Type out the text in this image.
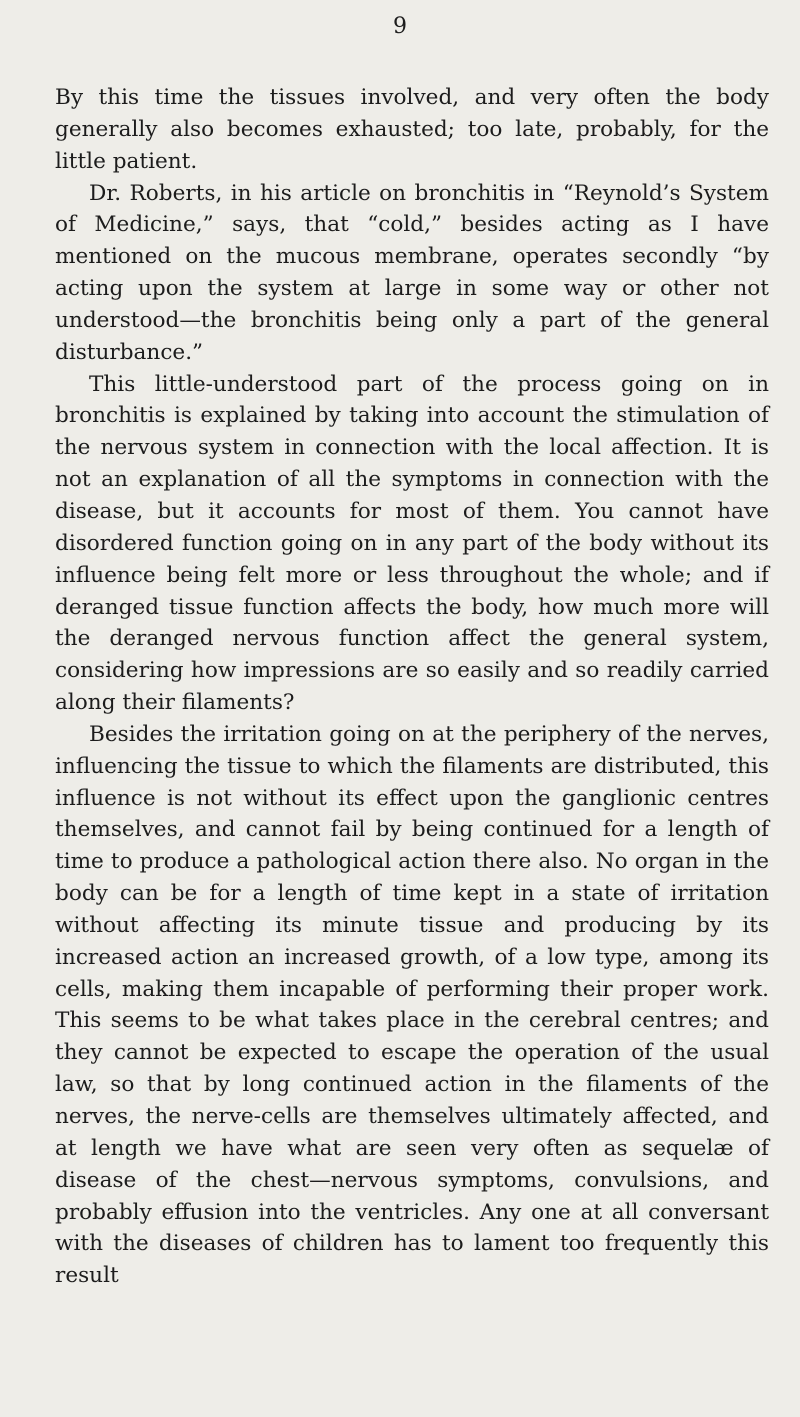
9

By this time the tissues involved, and very often the body generally also becomes exhausted; too late, probably, for the little patient.

Dr. Roberts, in his article on bronchitis in “Reynold’s System of Medicine,” says, that “cold,” besides acting as I have mentioned on the mucous membrane, operates secondly “by acting upon the system at large in some way or other not understood—the bronchitis being only a part of the general disturbance.”

This little-understood part of the process going on in bronchitis is explained by taking into account the stimulation of the nervous system in connection with the local affection. It is not an explanation of all the symptoms in connection with the disease, but it accounts for most of them. You cannot have disordered function going on in any part of the body without its influence being felt more or less throughout the whole; and if deranged tissue function affects the body, how much more will the deranged nervous function affect the general system, considering how impressions are so easily and so readily carried along their filaments?

Besides the irritation going on at the periphery of the nerves, influencing the tissue to which the filaments are distributed, this influence is not without its effect upon the ganglionic centres themselves, and cannot fail by being continued for a length of time to produce a pathological action there also. No organ in the body can be for a length of time kept in a state of irritation without affecting its minute tissue and producing by its increased action an increased growth, of a low type, among its cells, making them incapable of performing their proper work. This seems to be what takes place in the cerebral centres; and they cannot be expected to escape the operation of the usual law, so that by long continued action in the filaments of the nerves, the nerve-cells are themselves ultimately affected, and at length we have what are seen very often as sequelæ of disease of the chest—nervous symptoms, convulsions, and probably effusion into the ventricles. Any one at all conversant with the diseases of children has to lament too frequently this result
